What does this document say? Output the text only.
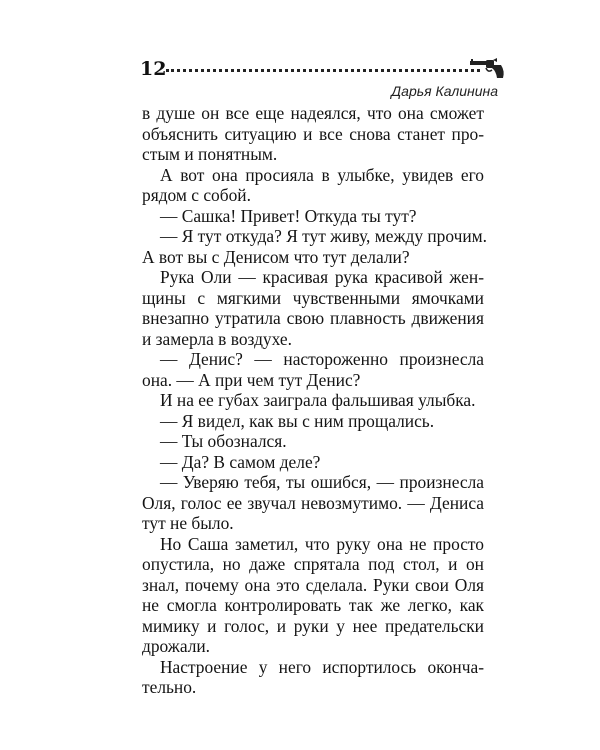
12
Дарья Калинина
в душе он все еще надеялся, что она сможет
объяснить ситуацию и все снова станет про-
стым и понятным.
А вот она просияла в улыбке, увидев его
рядом с собой.
— Сашка! Привет! Откуда ты тут?
— Я тут откуда? Я тут живу, между прочим.
А вот вы с Денисом что тут делали?
Рука Оли — красивая рука красивой жен-
щины с мягкими чувственными ямочками
внезапно утратила свою плавность движения
и замерла в воздухе.
— Денис? — настороженно произнесла
она. — А при чем тут Денис?
И на ее губах заиграла фальшивая улыбка.
— Я видел, как вы с ним прощались.
— Ты обознался.
— Да? В самом деле?
— Уверяю тебя, ты ошибся, — произнесла
Оля, голос ее звучал невозмутимо. — Дениса
тут не было.
Но Саша заметил, что руку она не просто
опустила, но даже спрятала под стол, и он
знал, почему она это сделала. Руки свои Оля
не смогла контролировать так же легко, как
мимику и голос, и руки у нее предательски
дрожали.
Настроение у него испортилось оконча-
тельно.
